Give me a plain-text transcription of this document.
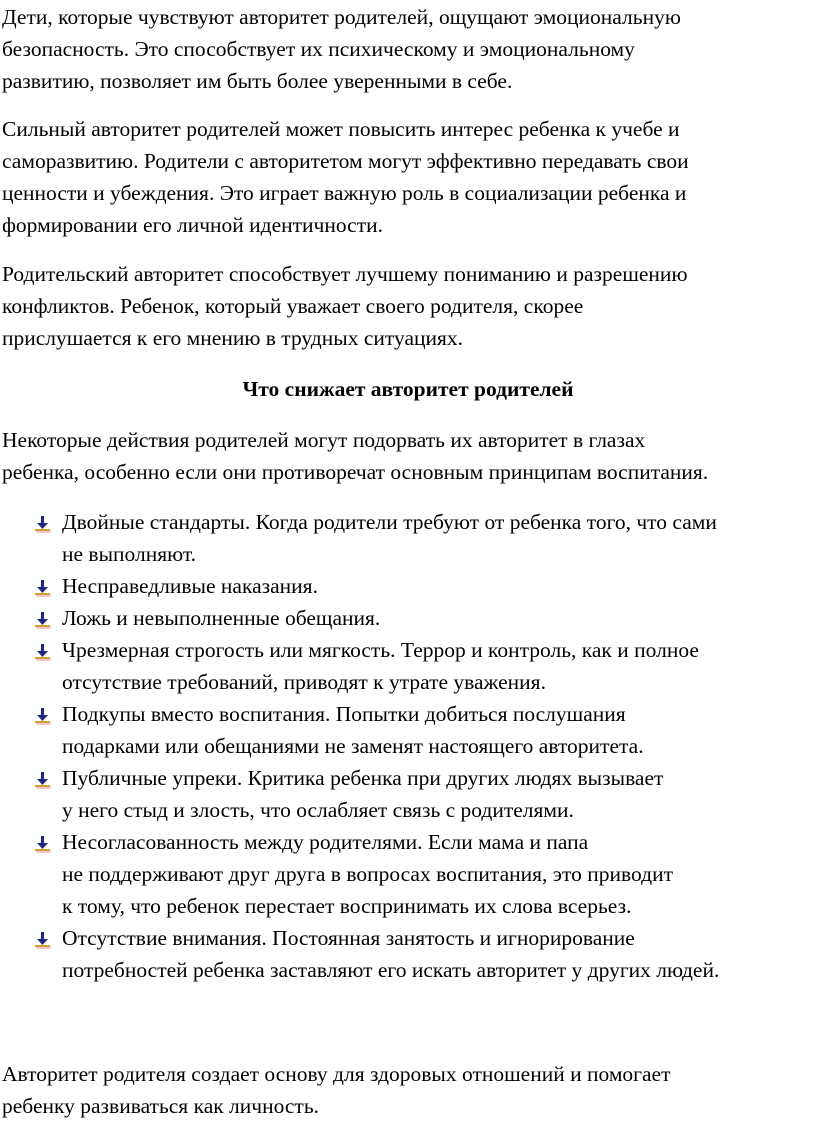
Дети, которые чувствуют авторитет родителей, ощущают эмоциональную
безопасность. Это способствует их психическому и эмоциональному
развитию, позволяет им быть более уверенными в себе.

Сильный авторитет родителей может повысить интерес ребенка к учебе и
саморазвитию. Родители с авторитетом могут эффективно передавать свои
ценности и убеждения. Это играет важную роль в социализации ребенка и
формировании его личной идентичности.

Родительский авторитет способствует лучшему пониманию и разрешению
конфликтов. Ребенок, который уважает своего родителя, скорее
прислушается к его мнению в трудных ситуациях.

Что снижает авторитет родителей

Некоторые действия родителей могут подорвать их авторитет в глазах
ребенка, особенно если они противоречат основным принципам воспитания.

Двойные стандарты. Когда родители требуют от ребенка того, что сами
не выполняют.
Несправедливые наказания.
Ложь и невыполненные обещания.
Чрезмерная строгость или мягкость. Террор и контроль, как и полное
отсутствие требований, приводят к утрате уважения.
Подкупы вместо воспитания. Попытки добиться послушания
подарками или обещаниями не заменят настоящего авторитета.
Публичные упреки. Критика ребенка при других людях вызывает
у него стыд и злость, что ослабляет связь с родителями.
Несогласованность между родителями. Если мама и папа
не поддерживают друг друга в вопросах воспитания, это приводит
к тому, что ребенок перестает воспринимать их слова всерьез.
Отсутствие внимания. Постоянная занятость и игнорирование
потребностей ребенка заставляют его искать авторитет у других людей.

Авторитет родителя создает основу для здоровых отношений и помогает
ребенку развиваться как личность.
